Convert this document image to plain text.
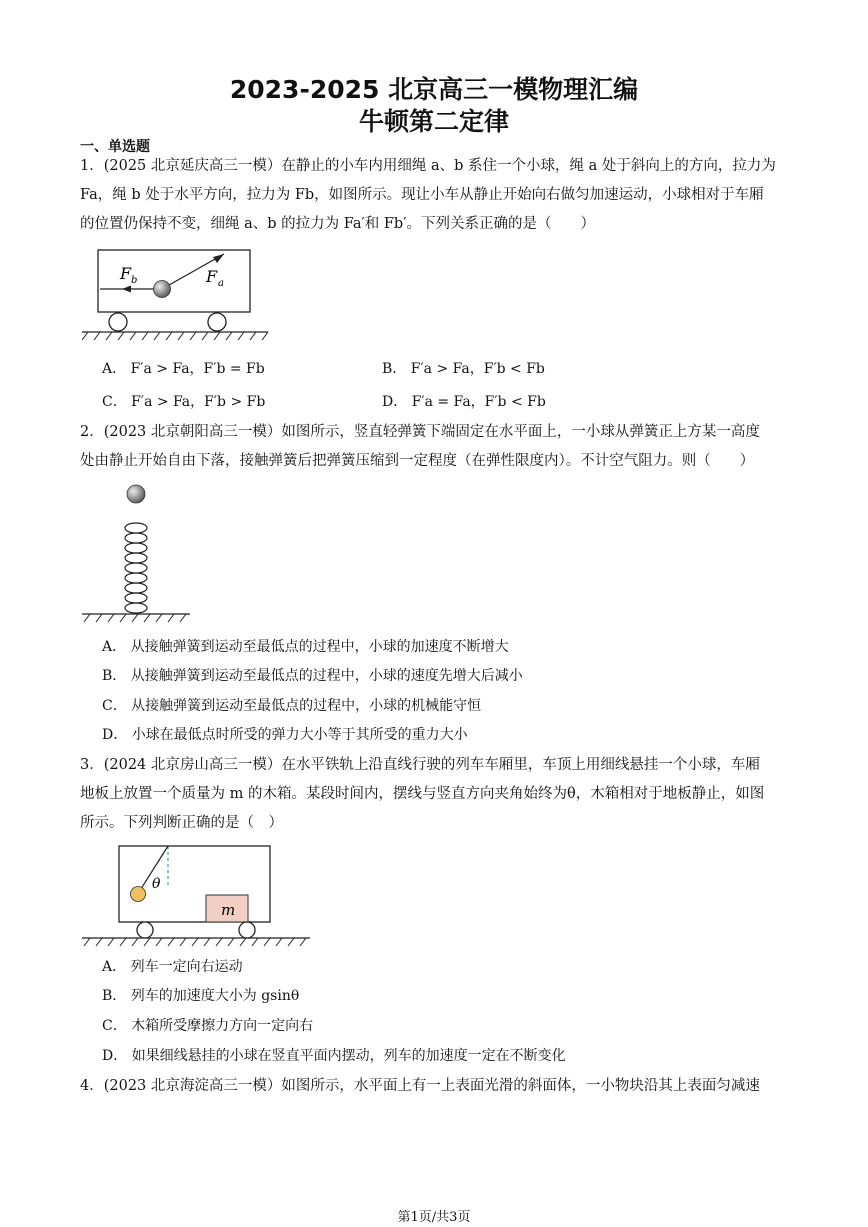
2023-2025 北京高三一模物理汇编
牛顿第二定律
一、单选题
1．(2025 北京延庆高三一模）在静止的小车内用细绳 a、b 系住一个小球，绳 a 处于斜向上的方向，拉力为
Fa，绳 b 处于水平方向，拉力为 Fb，如图所示。现让小车从静止开始向右做匀加速运动，小球相对于车厢
的位置仍保持不变，细绳 a、b 的拉力为 Fa′和 Fb′。下列关系正确的是（　　）
F b	F a
A． F′a > Fa，F′b = Fb	B． F′a > Fa，F′b < Fb
C． F′a > Fa，F′b > Fb	D． F′a = Fa，F′b < Fb
2．(2023 北京朝阳高三一模）如图所示，竖直轻弹簧下端固定在水平面上，一小球从弹簧正上方某一高度
处由静止开始自由下落，接触弹簧后把弹簧压缩到一定程度（在弹性限度内）。不计空气阻力。则（　　）
A． 从接触弹簧到运动至最低点的过程中，小球的加速度不断增大
B． 从接触弹簧到运动至最低点的过程中，小球的速度先增大后减小
C． 从接触弹簧到运动至最低点的过程中，小球的机械能守恒
D． 小球在最低点时所受的弹力大小等于其所受的重力大小
3．(2024 北京房山高三一模）在水平铁轨上沿直线行驶的列车车厢里，车顶上用细线悬挂一个小球，车厢
地板上放置一个质量为 m 的木箱。某段时间内，摆线与竖直方向夹角始终为θ，木箱相对于地板静止，如图
所示。下列判断正确的是（　）
θ
m
A． 列车一定向右运动
B． 列车的加速度大小为 gsinθ
C． 木箱所受摩擦力方向一定向右
D． 如果细线悬挂的小球在竖直平面内摆动，列车的加速度一定在不断变化
4．(2023 北京海淀高三一模）如图所示，水平面上有一上表面光滑的斜面体，一小物块沿其上表面匀减速
第1页/共3页
